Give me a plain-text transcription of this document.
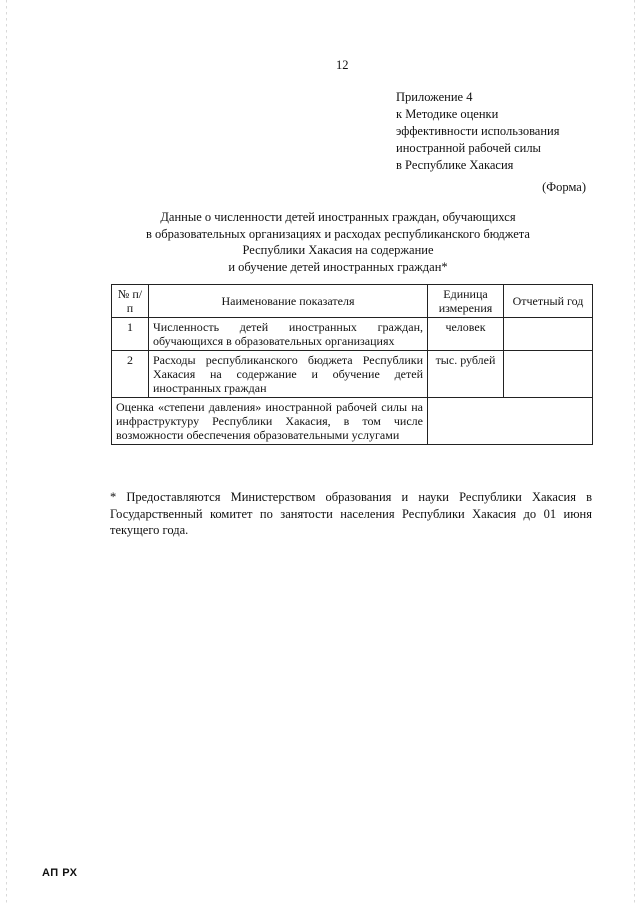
12
Приложение 4
к Методике оценки
эффективности использования
иностранной рабочей силы
в Республике Хакасия
(Форма)
Данные о численности детей иностранных граждан, обучающихся
в образовательных организациях и расходах республиканского бюджета
Республики Хакасия на содержание
и обучение детей иностранных граждан*
№ п/п	Наименование показателя	Единица измерения	Отчетный год
1	Численность детей иностранных граждан, обучающихся в образовательных организациях	человек	
2	Расходы республиканского бюджета Республики Хакасия на содержание и обучение детей иностранных граждан	тыс. рублей	
Оценка «степени давления» иностранной рабочей силы на инфраструктуру Республики Хакасия, в том числе возможности обеспечения образовательными услугами			
* Предоставляются Министерством образования и науки Республики Хакасия в Государственный комитет по занятости населения Республики Хакасия до 01 июня текущего года.
АП РХ
